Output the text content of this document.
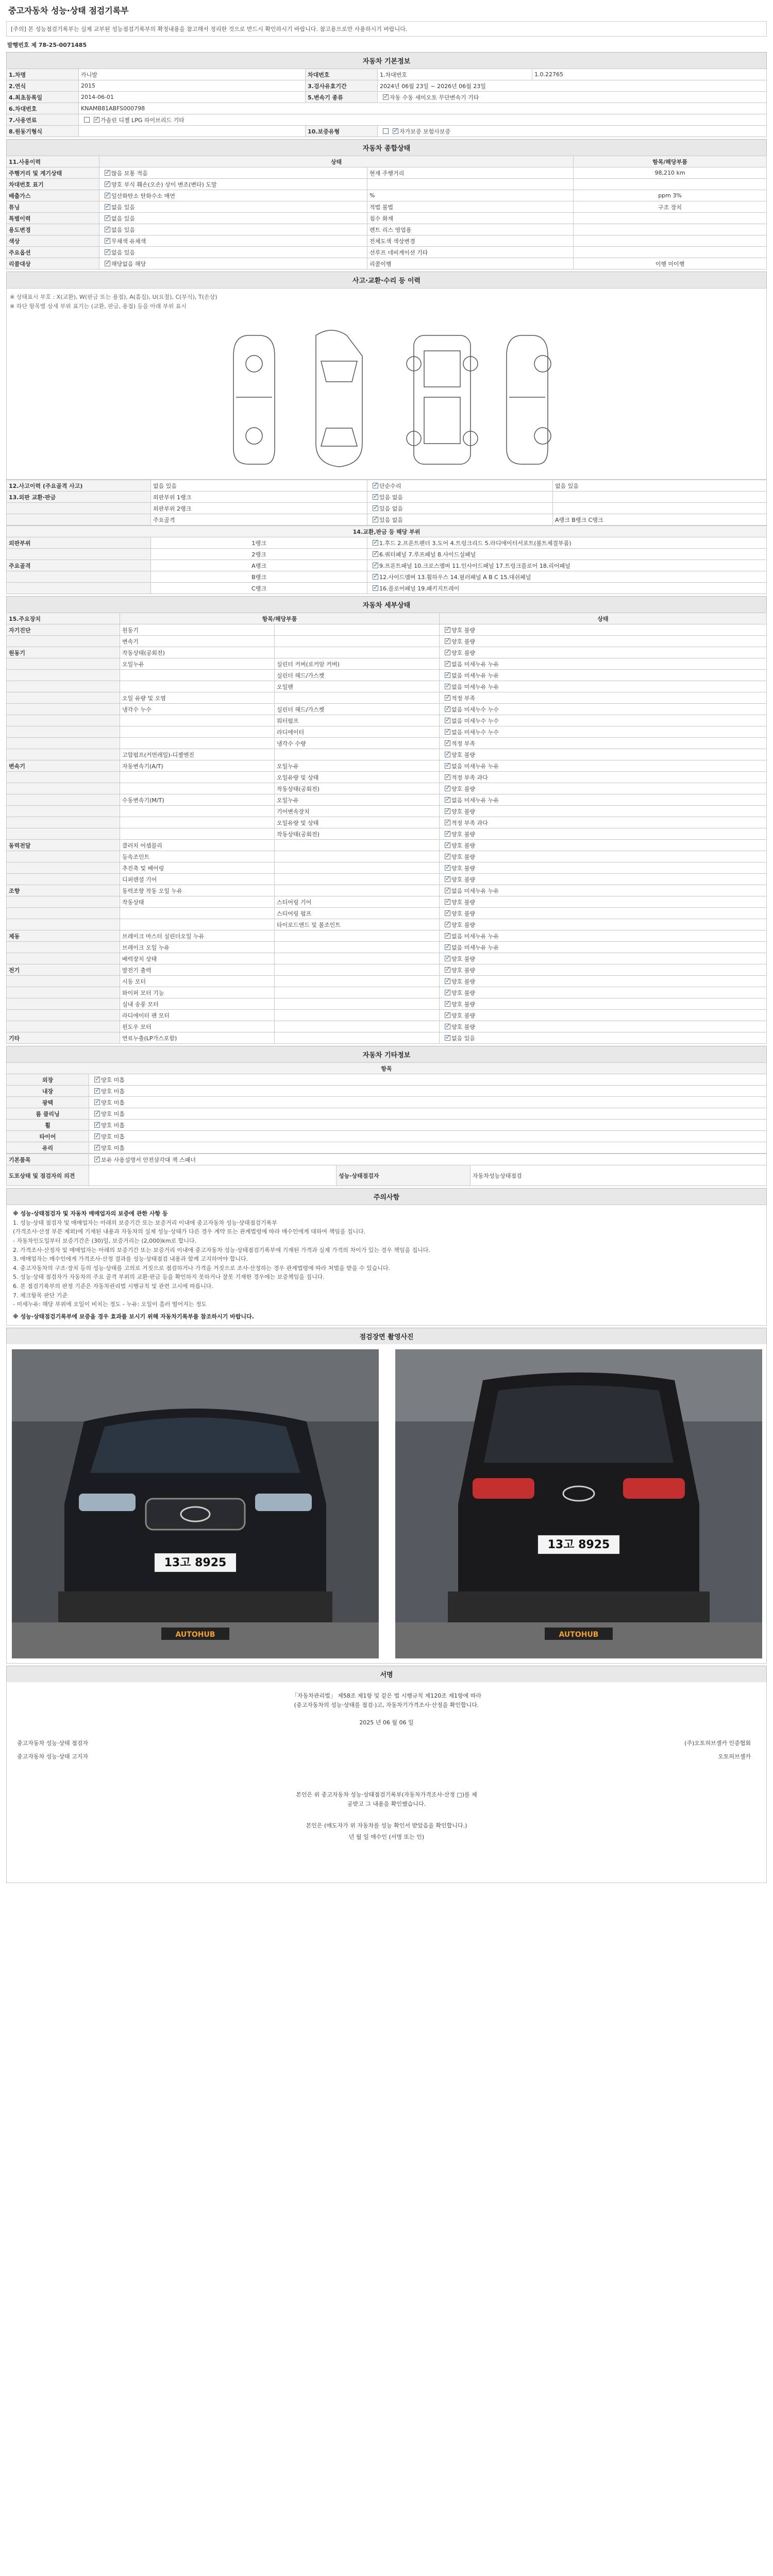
중고자동차 성능·상태 점검기록부
[주의] 본 성능점검기록부는 실제 교부된 성능점검기록부의 확정내용을 참고해서 정리한 것으로 반드시 확인하시기 바랍니다. 참고용으로만 사용하시기 바랍니다.
발행번호 제 78-25-0071485
자동차 기본정보
1.차명	카니발	차대번호	1.차대번호	1.0.22765
2.연식	2015	3.검사유효기간	2024년 06월 23일 ~ 2026년 06월 23일	
4.최초등록일	2014-06-01	5.변속기 종류	✓자동 수동 세미오토 무단변속기 기타
6.차대번호	KNAMB81ABFS000798			
7.사용연료	✓가솔린 디젤 LPG 하이브리드 기타
8.원동기형식		10.보증유형	✓자가보증 보험사보증
자동차 종합상태
11.사용이력	상태		항목/해당부품
주행거리 및 계기상태	✓많음 보통 적음	현재 주행거리	98,210 km
차대번호 표기	✓양호 부식 훼손(오손) 상이 변조(변타) 도말		
배출가스	✓일산화탄소 탄화수소 매연	%	ppm 3%
튜닝	✓없음 있음	적법 불법	구조 장치
특별이력	✓없음 있음	침수 화재	
용도변경	✓없음 있음	렌트 리스 영업용	
색상	✓무채색 유채색	전체도색 색상변경	
주요옵션	✓없음 있음	선루프 네비게이션 기타	
리콜대상	✓해당없음 해당	리콜이행	이행 미이행
사고·교환·수리 등 이력
※ 상태표시 부호 : X(교환), W(판금 또는 용접), A(흠집), U(요철), C(부식), T(손상)
※ 하단 항목별 상세 부위 표기는 (교환, 판금, 용접) 등을 아래 부위 표시
12.사고이력 (주요골격 사고)	없음 있음	✓단순수리	없음 있음
13.외판 교환·판금	외판부위 1랭크	✓있음 없음	
	외판부위 2랭크	✓있음 없음	
	주요골격	✓있음 없음	A랭크 B랭크 C랭크
14.교환,판금 등 해당 부위		
외판부위	1랭크	✓1.후드 2.프론트펜더 3.도어 4.트렁크리드 5.라디에이터서포트(볼트체결부품)
	2랭크	✓6.쿼터패널 7.루프패널 8.사이드실패널
주요골격	A랭크	✓9.프론트패널 10.크로스멤버 11.인사이드패널 17.트렁크플로어 18.리어패널
	B랭크	✓12.사이드멤버 13.휠하우스 14.필러패널 A B C 15.대쉬패널
	C랭크	✓16.플로어패널 19.패키지트레이
자동차 세부상태
15.주요장치	항목/해당부품		상태
자기진단	원동기		✓양호 불량
	변속기		✓양호 불량
원동기	작동상태(공회전)		✓양호 불량
	오일누유	실린더 커버(로커암 커버)	✓없음 미세누유 누유
		실린더 헤드/가스켓	✓없음 미세누유 누유
		오일팬	✓없음 미세누유 누유
	오일 유량 및 오염		✓적정 부족
	냉각수 누수	실린더 헤드/가스켓	✓없음 미세누수 누수
		워터펌프	✓없음 미세누수 누수
		라디에이터	✓없음 미세누수 누수
		냉각수 수량	✓적정 부족
	고압펌프(커먼레일)-디젤엔진		✓양호 불량
변속기	자동변속기(A/T)	오일누유	✓없음 미세누유 누유
		오일유량 및 상태	✓적정 부족 과다
		작동상태(공회전)	✓양호 불량
	수동변속기(M/T)	오일누유	✓없음 미세누유 누유
		기어변속장치	✓양호 불량
		오일유량 및 상태	✓적정 부족 과다
		작동상태(공회전)	✓양호 불량
동력전달	클러치 어셈블리		✓양호 불량
	등속조인트		✓양호 불량
	추진축 및 베어링		✓양호 불량
	디퍼렌셜 기어		✓양호 불량
조향	동력조향 작동 오일 누유		✓없음 미세누유 누유
	작동상태	스티어링 기어	✓양호 불량
		스티어링 펌프	✓양호 불량
		타이로드엔드 및 볼조인트	✓양호 불량
제동	브레이크 마스터 실린더오일 누유		✓없음 미세누유 누유
	브레이크 오일 누유		✓없음 미세누유 누유
	배력장치 상태		✓양호 불량
전기	발전기 출력		✓양호 불량
	시동 모터		✓양호 불량
	와이퍼 모터 기능		✓양호 불량
	실내 송풍 모터		✓양호 불량
	라디에이터 팬 모터		✓양호 불량
	윈도우 모터		✓양호 불량
기타	연료누출(LP가스포함)		✓없음 있음
자동차 기타정보
항목	
외장	✓양호 미흡
내장	✓양호 미흡
광택	✓양호 미흡
룸 클리닝	✓양호 미흡
휠	✓양호 미흡
타이어	✓양호 미흡
유리	✓양호 미흡
기본품목	✓보유 사용설명서 안전삼각대 잭 스패너
도포상태 및 점검자의 의견		성능·상태점검자	자동차성능상태점검
주의사항
※ 성능·상태점검자 및 자동차 매매업자의 보증에 관한 사항 등
1. 성능·상태 점검자 및 매매업자는 아래의 보증기간 또는 보증거리 이내에 중고자동차 성능·상태점검기록부
(가격조사·산정 부분 제외)에 기재된 내용과 자동차의 실제 성능·상태가 다른 경우 계약 또는 관계법령에 따라 매수인에게 대하여 책임을 집니다.
- 자동차인도일부터 보증기간은 (30)일, 보증거리는 (2,000)km로 합니다.
2. 가격조사·산정자 및 매매업자는 아래의 보증기간 또는 보증거리 이내에 중고자동차 성능·상태점검기록부에 기재된 가격과 실제 가격의 차이가 있는 경우 책임을 집니다.
3. 매매업자는 매수인에게 가격조사·산정 결과를 성능·상태점검 내용과 함께 고지하여야 합니다.
4. 중고자동차의 구조·장치 등의 성능·상태를 고의로 거짓으로 점검하거나 가격을 거짓으로 조사·산정하는 경우 관계법령에 따라 처벌을 받을 수 있습니다.
5. 성능·상태 점검자가 자동차의 주요 골격 부위의 교환·판금 등을 확인하지 못하거나 잘못 기재한 경우에는 보증책임을 집니다.
6. 본 점검기록부의 판정 기준은 자동차관리법 시행규칙 및 관련 고시에 따릅니다.
7. 체크항목 판단 기준
- 미세누유: 해당 부위에 오일이 비치는 정도 - 누유: 오일이 흘러 떨어지는 정도
※ 성능·상태점검기록부에 보증을 경우 효과를 보시기 위해 자동차기록부를 참조하시기 바랍니다.
점검장면 촬영사진
13고 8925
AUTOHUB
13고 8925
AUTOHUB
서명
「자동차관리법」 제58조 제1항 및 같은 법 시행규칙 제120조 제1항에 따라
(중고자동차의 성능·상태를 점검·)고, 자동차기가격조사·산정을 확인합니다.
2025 년 06 월 06 일
중고자동차 성능·상태 점검자	(주)오토허브셀카 인증협회
중고자동차 성능·상태 고지자	오토허브셀카
본인은 위 중고자동차 성능·상태점검기록부(자동차가격조사·산정 □)를 제
공받고 그 내용을 확인했습니다.
본인은 (매도자가 위 자동차를 성능 확인서 받았음을 확인합니다.)
년 월 일 매수인 (서명 또는 인)
